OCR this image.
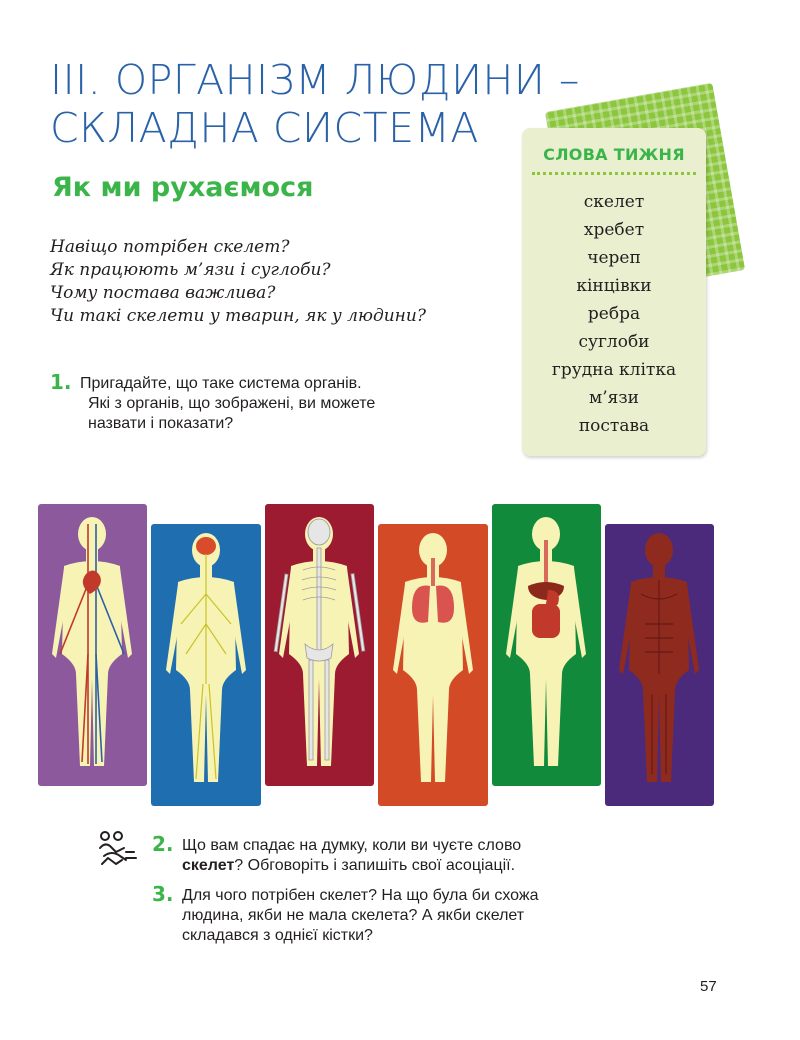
ІІІ. ОРГАНІЗМ ЛЮДИНИ –
СКЛАДНА СИСТЕМА
СЛОВА ТИЖНЯ
скелет
хребет
череп
кінцівки
ребра
суглоби
грудна клітка
м’язи
постава
Як ми рухаємося
Навіщо потрібен скелет?
Як працюють м’язи і суглоби?
Чому постава важлива?
Чи такі скелети у тварин, як у людини?
1. Пригадайте, що таке система органів.
Які з органів, що зображені, ви можете
назвати і показати?
2. Що вам спадає на думку, коли ви чуєте слово
скелет? Обговоріть і запишіть свої асоціації.
3. Для чого потрібен скелет? На що була би схожа
людина, якби не мала скелета? А якби скелет
складався з однієї кістки?
57
